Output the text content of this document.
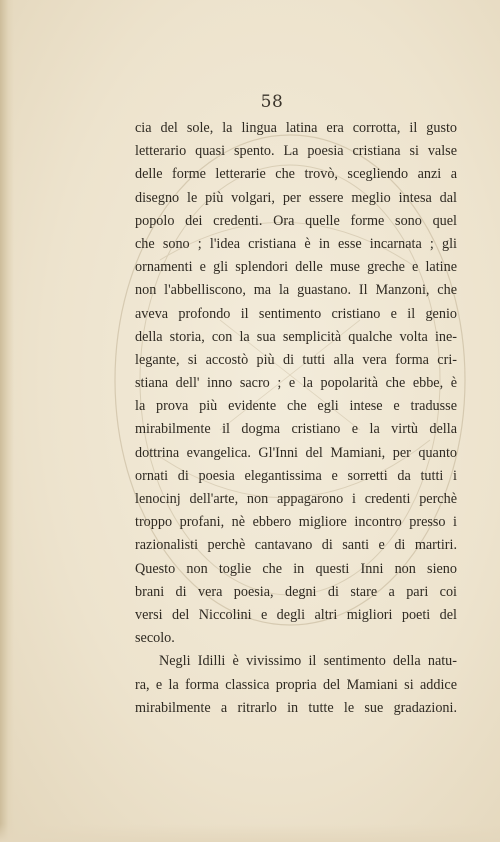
58
cia del sole, la lingua latina era corrotta, il gusto
letterario quasi spento. La poesia cristiana si valse
delle forme letterarie che trovò, scegliendo anzi a
disegno le più volgari, per essere meglio intesa dal
popolo dei credenti. Ora quelle forme sono quel
che sono ; l'idea cristiana è in esse incarnata ; gli
ornamenti e gli splendori delle muse greche e latine
non l'abbelliscono, ma la guastano. Il Manzoni, che
aveva profondo il sentimento cristiano e il genio
della storia, con la sua semplicità qualche volta ine-
legante, si accostò più di tutti alla vera forma cri-
stiana dell' inno sacro ; e la popolarità che ebbe, è
la prova più evidente che egli intese e tradusse
mirabilmente il dogma cristiano e la virtù della
dottrina evangelica. Gl'Inni del Mamiani, per quanto
ornati di poesia elegantissima e sorretti da tutti i
lenocinj dell'arte, non appagarono i credenti perchè
troppo profani, nè ebbero migliore incontro presso i
razionalisti perchè cantavano di santi e di martiri.
Questo non toglie che in questi Inni non sieno
brani di vera poesia, degni di stare a pari coi
versi del Niccolini e degli altri migliori poeti del
secolo.
Negli Idilli è vivissimo il sentimento della natu-
ra, e la forma classica propria del Mamiani si addice
mirabilmente a ritrarlo in tutte le sue gradazioni.
